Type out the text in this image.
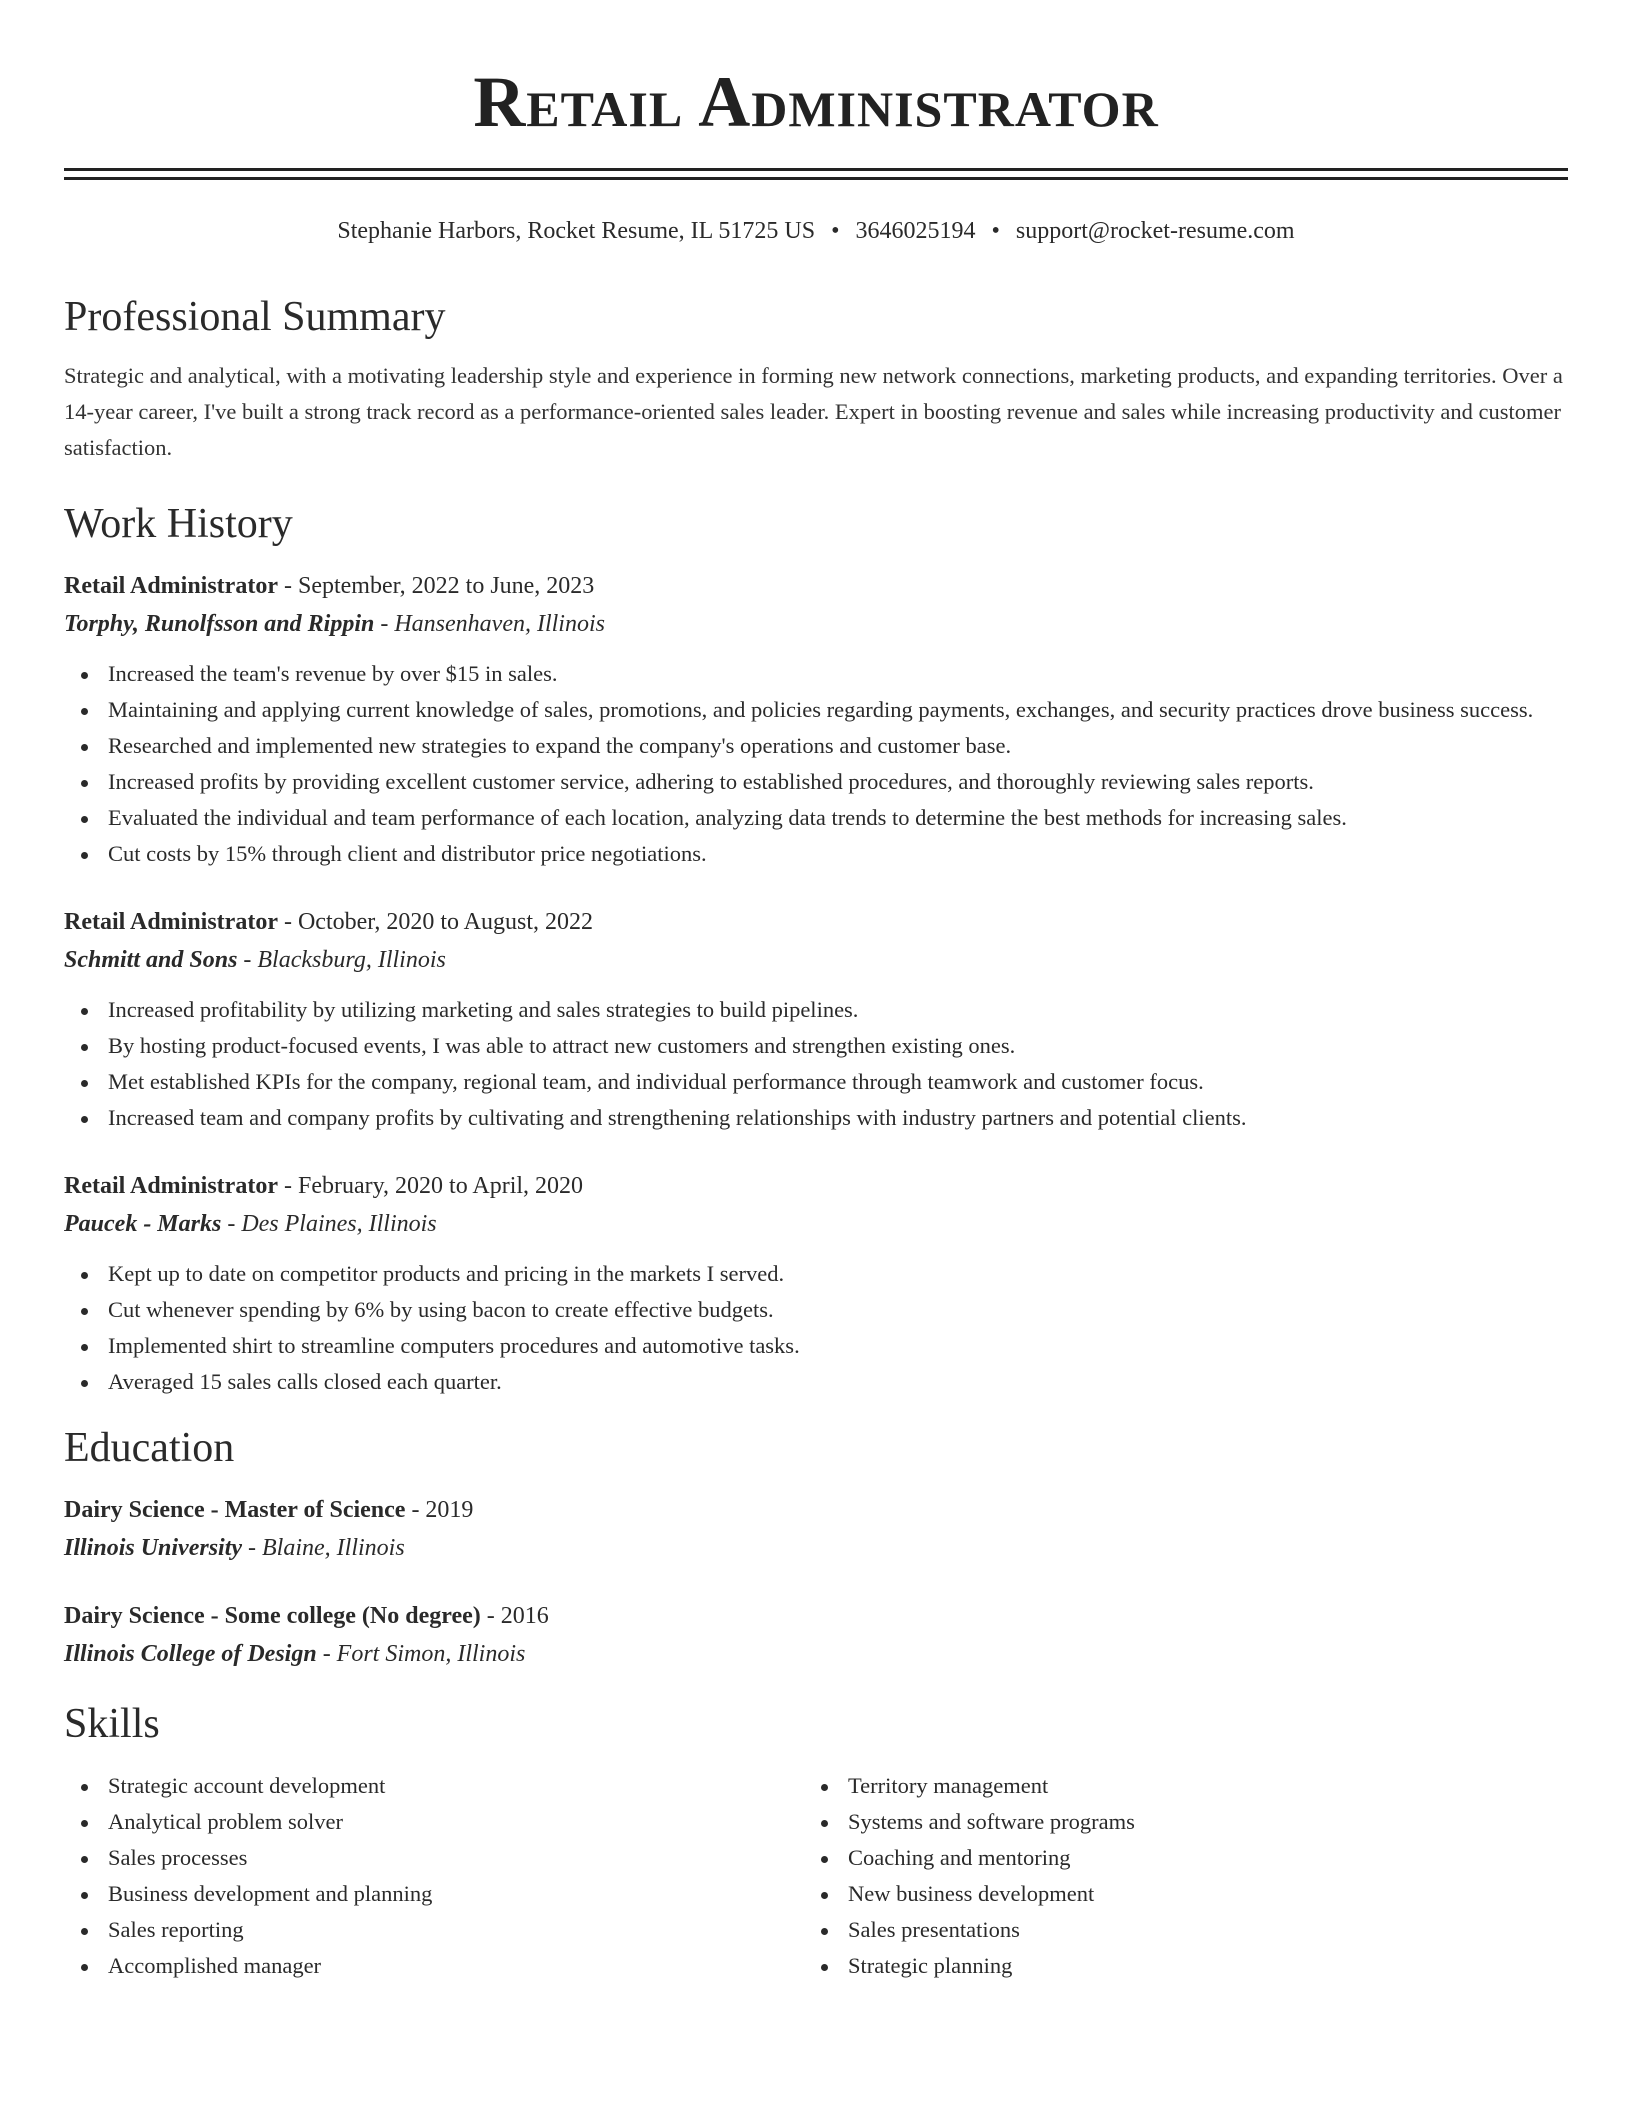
Retail Administrator
Stephanie Harbors, Rocket Resume, IL 51725 US • 3646025194 • support@rocket-resume.com
Professional Summary

Strategic and analytical, with a motivating leadership style and experience in forming new network connections, marketing products, and expanding territories. Over a 14-year career, I've built a strong track record as a performance-oriented sales leader. Expert in boosting revenue and sales while increasing productivity and customer satisfaction.

Work History
Retail Administrator - September, 2022 to June, 2023
Torphy, Runolfsson and Rippin - Hansenhaven, Illinois
Increased the team's revenue by over $15 in sales.
Maintaining and applying current knowledge of sales, promotions, and policies regarding payments, exchanges, and security practices drove business success.
Researched and implemented new strategies to expand the company's operations and customer base.
Increased profits by providing excellent customer service, adhering to established procedures, and thoroughly reviewing sales reports.
Evaluated the individual and team performance of each location, analyzing data trends to determine the best methods for increasing sales.
Cut costs by 15% through client and distributor price negotiations.
Retail Administrator - October, 2020 to August, 2022
Schmitt and Sons - Blacksburg, Illinois
Increased profitability by utilizing marketing and sales strategies to build pipelines.
By hosting product-focused events, I was able to attract new customers and strengthen existing ones.
Met established KPIs for the company, regional team, and individual performance through teamwork and customer focus.
Increased team and company profits by cultivating and strengthening relationships with industry partners and potential clients.
Retail Administrator - February, 2020 to April, 2020
Paucek - Marks - Des Plaines, Illinois
Kept up to date on competitor products and pricing in the markets I served.
Cut whenever spending by 6% by using bacon to create effective budgets.
Implemented shirt to streamline computers procedures and automotive tasks.
Averaged 15 sales calls closed each quarter.
Education
Dairy Science - Master of Science - 2019
Illinois University - Blaine, Illinois
Dairy Science - Some college (No degree) - 2016
Illinois College of Design - Fort Simon, Illinois
Skills
Strategic account development
Analytical problem solver
Sales processes
Business development and planning
Sales reporting
Accomplished manager
Territory management
Systems and software programs
Coaching and mentoring
New business development
Sales presentations
Strategic planning
